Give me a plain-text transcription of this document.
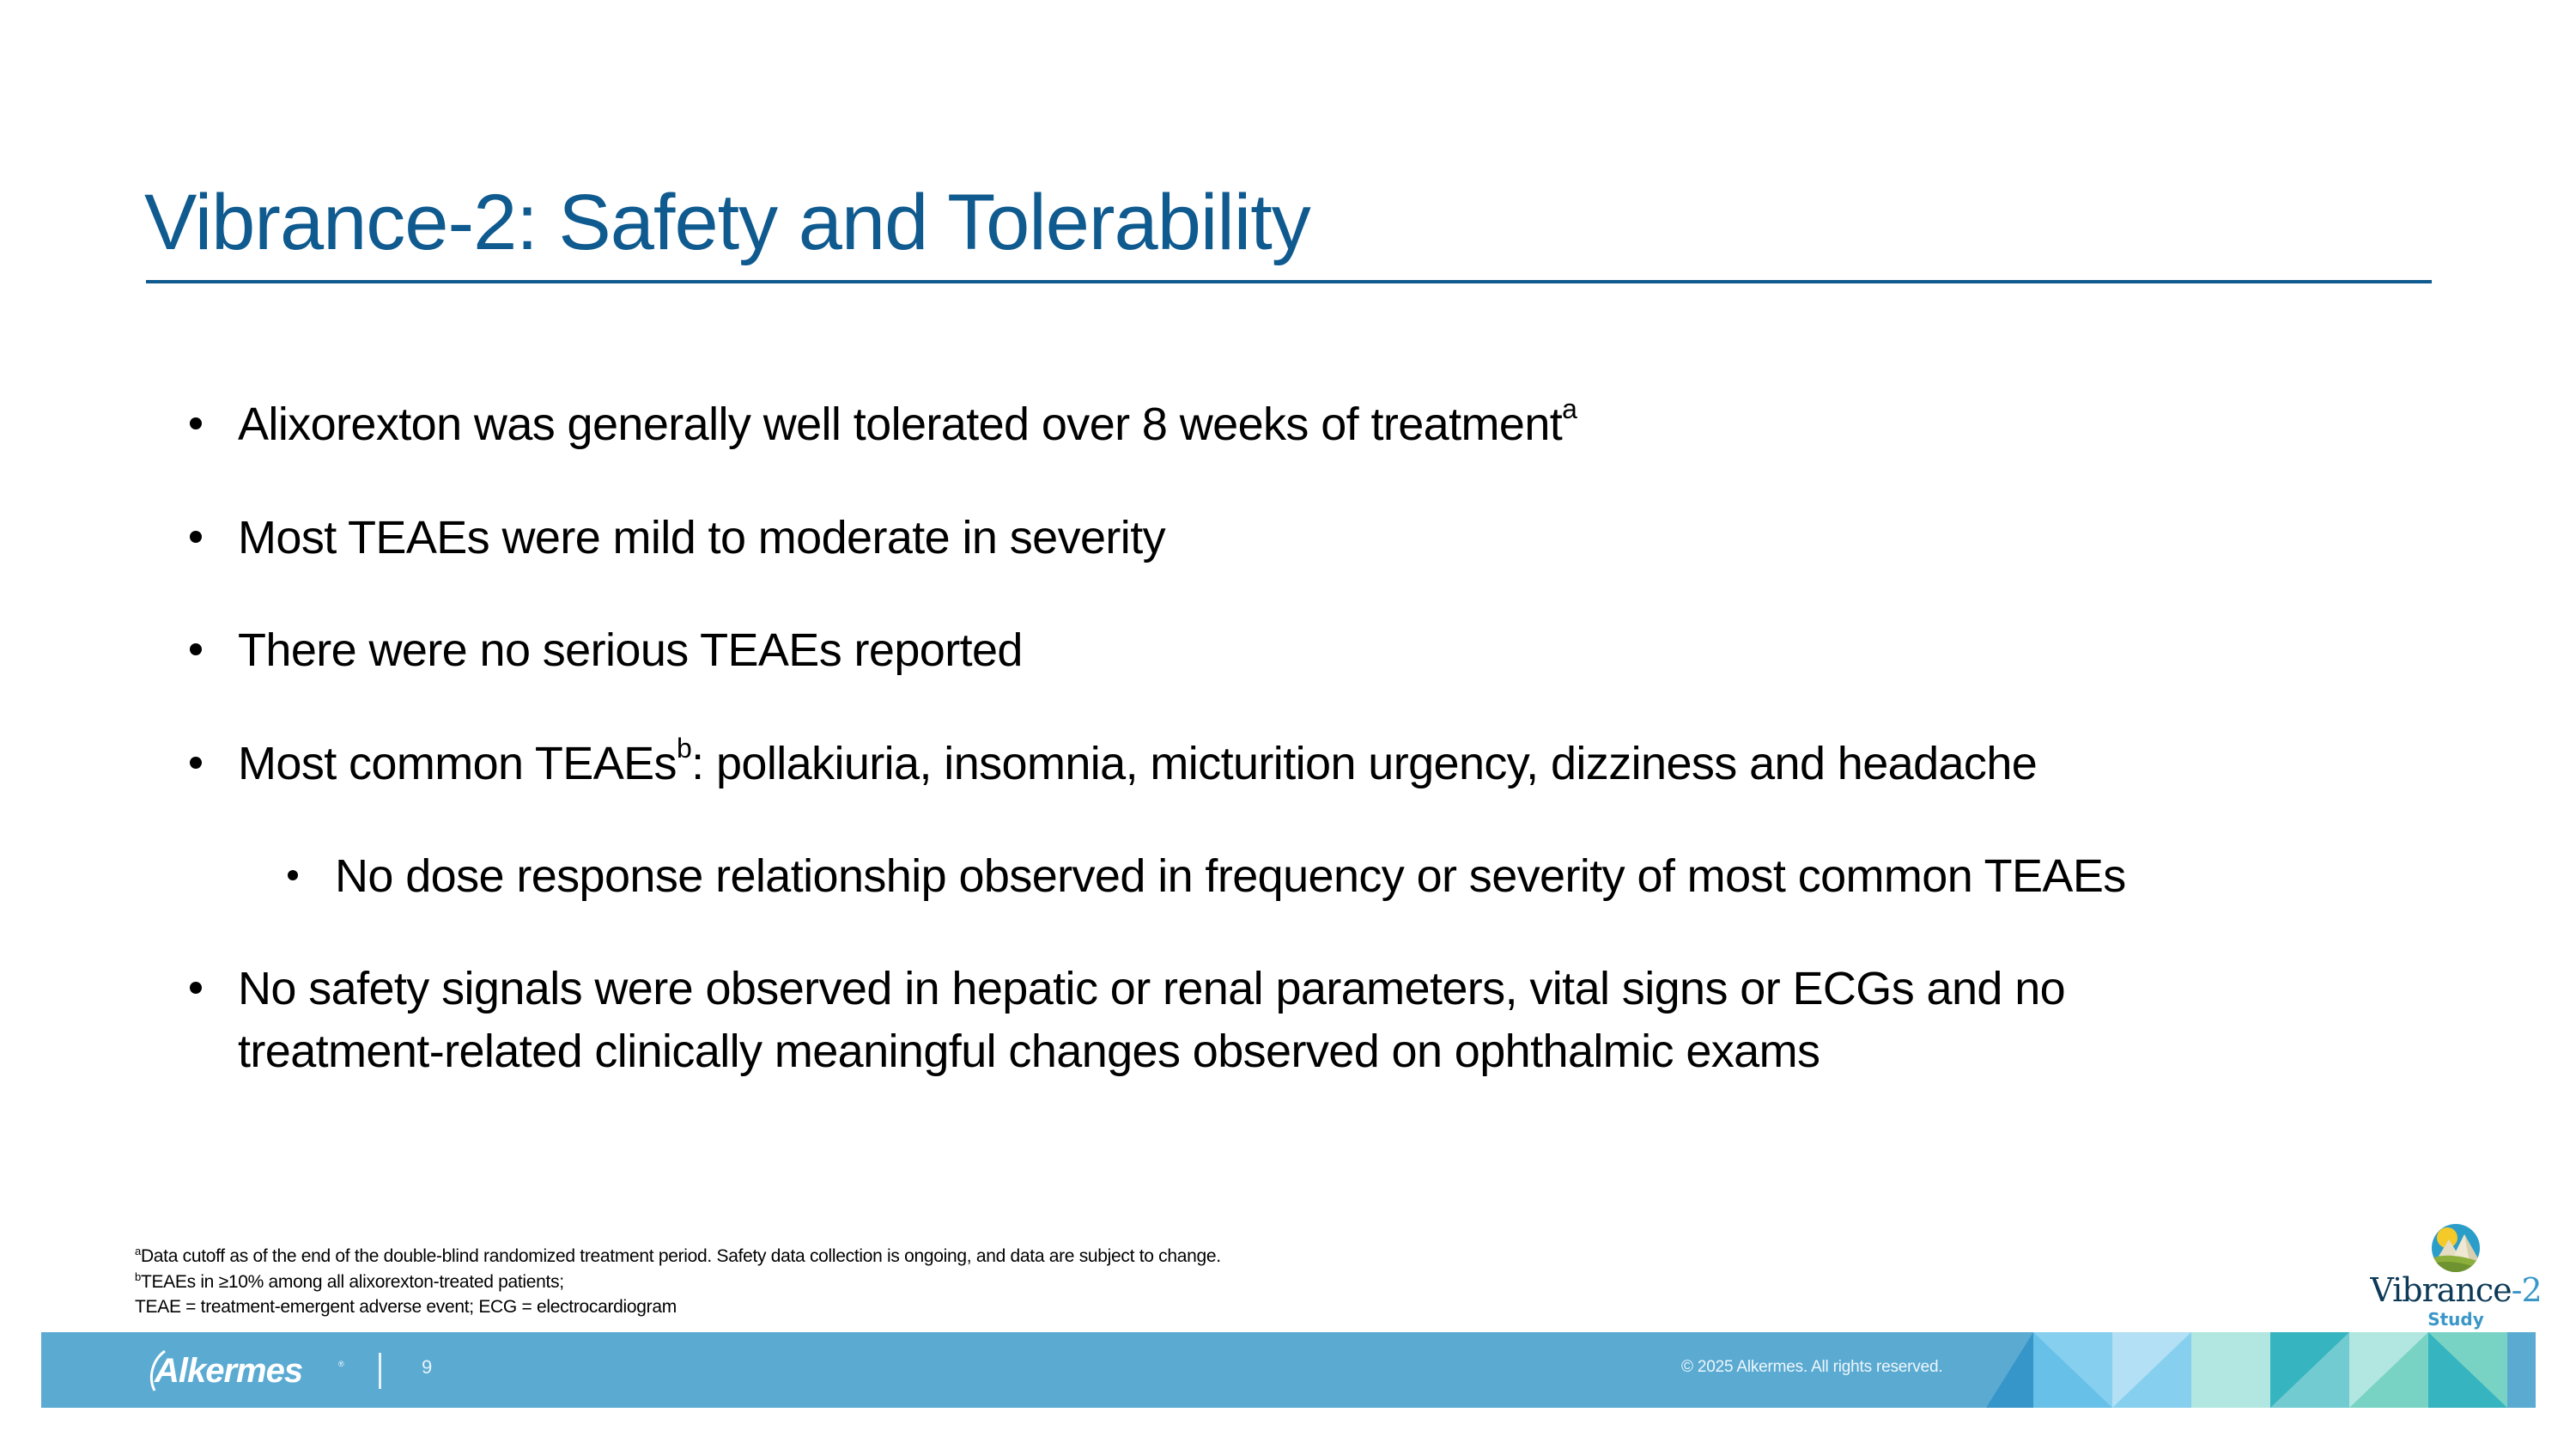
Vibrance-2: Safety and Tolerability
Alixorexton was generally well tolerated over 8 weeks of treatment$^a$
Most TEAEs were mild to moderate in severity
There were no serious TEAEs reported
Most common TEAEs$^b$: pollakiuria, insomnia, micturition urgency, dizziness and headache
No dose response relationship observed in frequency or severity of most common TEAEs
No safety signals were observed in hepatic or renal parameters, vital signs or ECGs and no
treatment-related clinically meaningful changes observed on ophthalmic exams
$^a$Data cutoff as of the end of the double-blind randomized treatment period. Safety data collection is ongoing, and data are subject to change.
$^b$TEAEs in ≥10% among all alixorexton-treated patients;
TEAE = treatment-emergent adverse event; ECG = electrocardiogram	Vibrance-2
Study
Alkermes	®	9	© 2025 Alkermes. All rights reserved.
